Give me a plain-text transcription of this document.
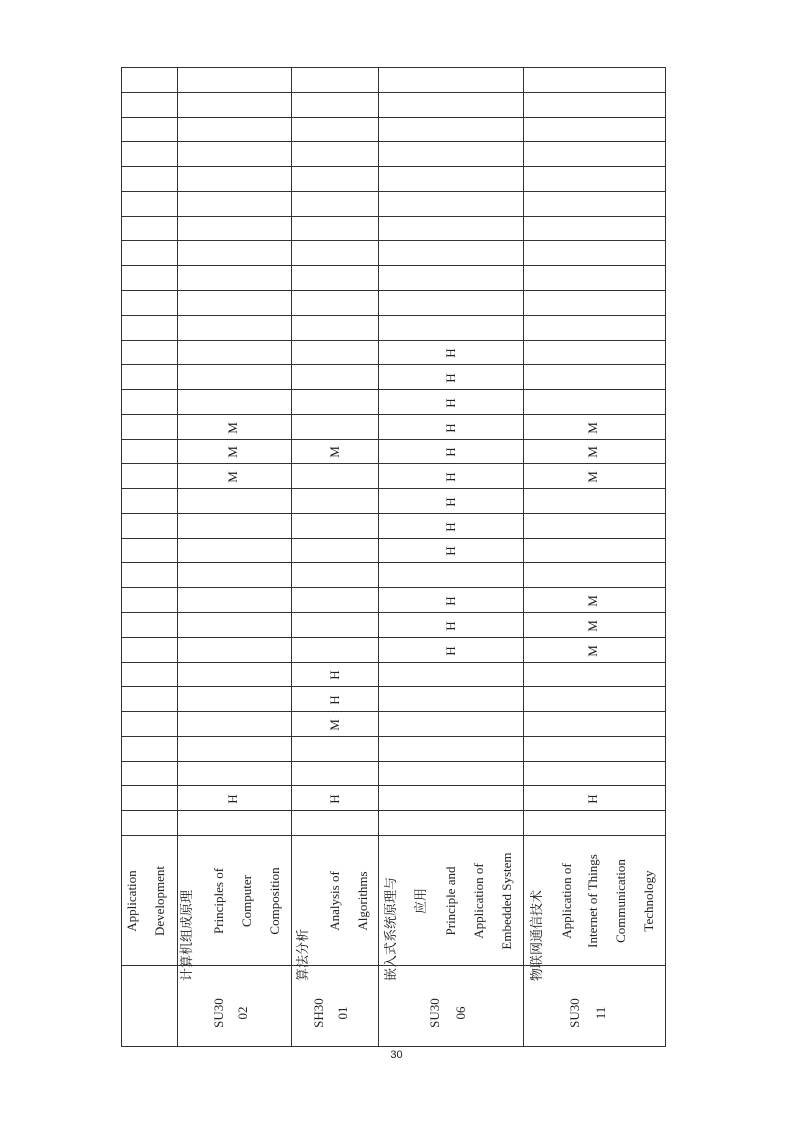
Application Development 计算机组成原理 Principles of Computer Composition
SU30 02
H
M
M
M
算法分析
Analysis of Algorithms
SH30 01
H
M
H
H
M
嵌入式系统原理与 应用 Principle and Application of Embedded System
SU30 06
H
H
H
H
H
H
H
H
H
H
H
H
物联网通信技术 Application of Internet of Things Communication Technology
SU30 11
H
M
M
M
M
M
M
30
